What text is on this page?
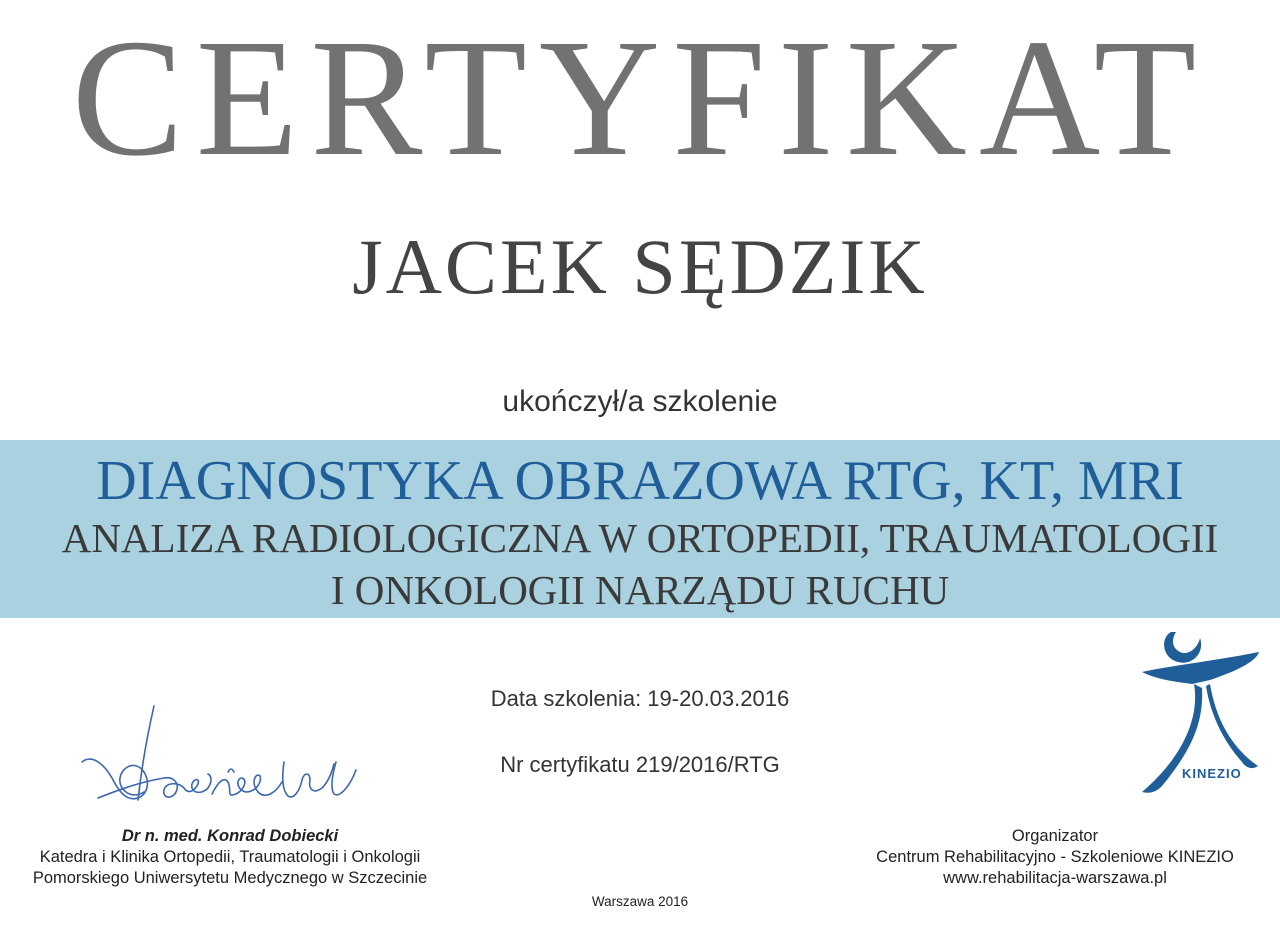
CERTYFIKAT
JACEK SĘDZIK
ukończył/a szkolenie
DIAGNOSTYKA OBRAZOWA RTG, KT, MRI
ANALIZA RADIOLOGICZNA W ORTOPEDII, TRAUMATOLOGII
I ONKOLOGII NARZĄDU RUCHU
Data szkolenia: 19-20.03.2016
Nr certyfikatu 219/2016/RTG
Dr n. med. Konrad Dobiecki
Katedra i Klinika Ortopedii, Traumatologii i Onkologii
Pomorskiego Uniwersytetu Medycznego w Szczecinie
KINEZIO
Organizator
Centrum Rehabilitacyjno - Szkoleniowe KINEZIO
www.rehabilitacja-warszawa.pl
Warszawa 2016
